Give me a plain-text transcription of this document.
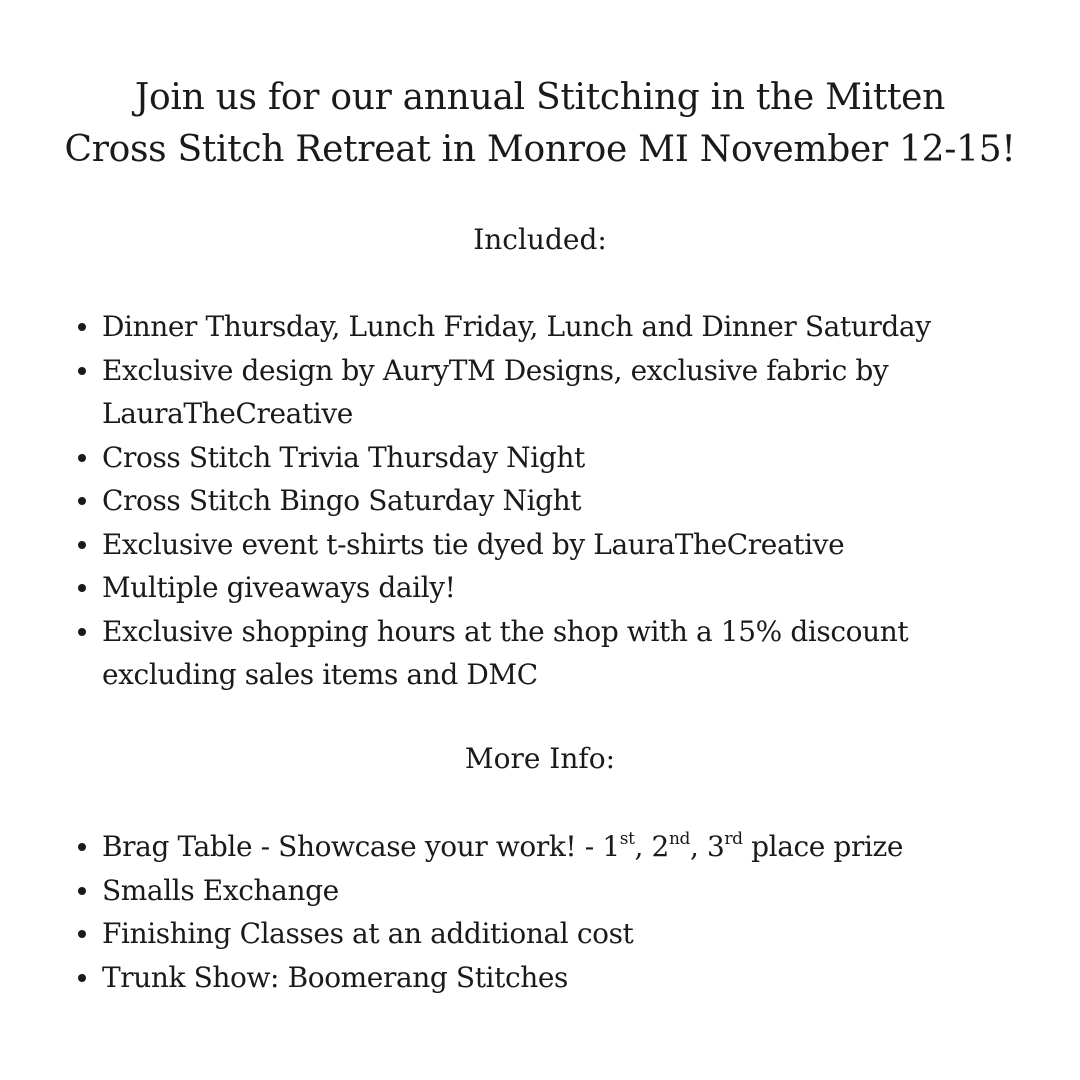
Join us for our annual Stitching in the Mitten
Cross Stitch Retreat in Monroe MI November 12-15!
Included:
Dinner Thursday, Lunch Friday, Lunch and Dinner Saturday
Exclusive design by AuryTM Designs, exclusive fabric by LauraTheCreative
Cross Stitch Trivia Thursday Night
Cross Stitch Bingo Saturday Night
Exclusive event t-shirts tie dyed by LauraTheCreative
Multiple giveaways daily!
Exclusive shopping hours at the shop with a 15% discount excluding sales items and DMC
More Info:
Brag Table - Showcase your work! - 1st, 2nd, 3rd place prize
Smalls Exchange
Finishing Classes at an additional cost
Trunk Show: Boomerang Stitches
